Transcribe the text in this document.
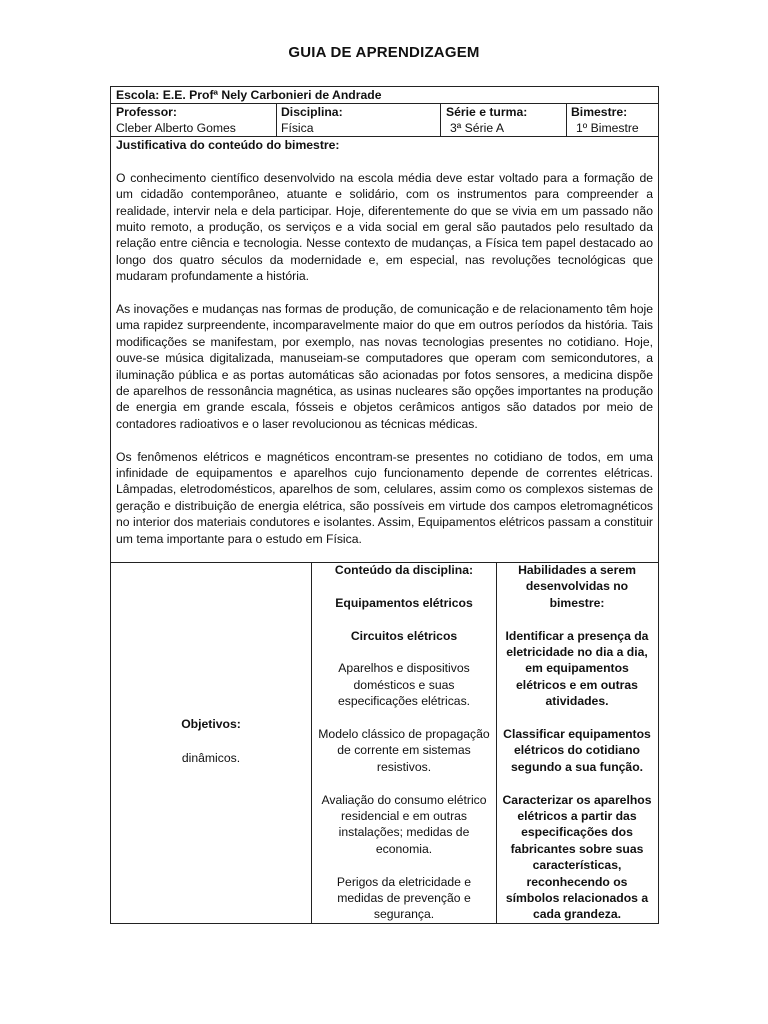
GUIA DE APRENDIZAGEM
Escola: E.E. Profª Nely Carbonieri de Andrade
Professor:
Cleber Alberto Gomes
Disciplina:
Física
Série e turma:
3ª Série A
Bimestre:
1º Bimestre
Justificativa do conteúdo do bimestre:

O conhecimento científico desenvolvido na escola média deve estar voltado para a formação de um cidadão contemporâneo, atuante e solidário, com os instrumentos para compreender a realidade, intervir nela e dela participar. Hoje, diferentemente do que se vivia em um passado não muito remoto, a produção, os serviços e a vida social em geral são pautados pelo resultado da relação entre ciência e tecnologia. Nesse contexto de mudanças, a Física tem papel destacado ao longo dos quatro séculos da modernidade e, em especial, nas revoluções tecnológicas que mudaram profundamente a história.

As inovações e mudanças nas formas de produção, de comunicação e de relacionamento têm hoje uma rapidez surpreendente, incomparavelmente maior do que em outros períodos da história. Tais modificações se manifestam, por exemplo, nas novas tecnologias presentes no cotidiano. Hoje, ouve-se música digitalizada, manuseiam-se computadores que operam com semicondutores, a iluminação pública e as portas automáticas são acionadas por fotos sensores, a medicina dispõe de aparelhos de ressonância magnética, as usinas nucleares são opções importantes na produção de energia em grande escala, fósseis e objetos cerâmicos antigos são datados por meio de contadores radioativos e o laser revolucionou as técnicas médicas.

Os fenômenos elétricos e magnéticos encontram-se presentes no cotidiano de todos, em uma infinidade de equipamentos e aparelhos cujo funcionamento depende de correntes elétricas. Lâmpadas, eletrodomésticos, aparelhos de som, celulares, assim como os complexos sistemas de geração e distribuição de energia elétrica, são possíveis em virtude dos campos eletromagnéticos no interior dos materiais condutores e isolantes. Assim, Equipamentos elétricos passam a constituir um tema importante para o estudo em Física.

Objetivos:
dinâmicos.

Conteúdo da disciplina:

Equipamentos elétricos

Circuitos elétricos

Aparelhos e dispositivos domésticos e suas especificações elétricas.

Modelo clássico de propagação de corrente em sistemas resistivos.

Avaliação do consumo elétrico residencial e em outras instalações; medidas de economia.

Perigos da eletricidade e medidas de prevenção e segurança.

Habilidades a serem desenvolvidas no bimestre:

Identificar a presença da eletricidade no dia a dia, em equipamentos elétricos e em outras atividades.

Classificar equipamentos elétricos do cotidiano segundo a sua função.

Caracterizar os aparelhos elétricos a partir das especificações dos fabricantes sobre suas características, reconhecendo os símbolos relacionados a cada grandeza.
